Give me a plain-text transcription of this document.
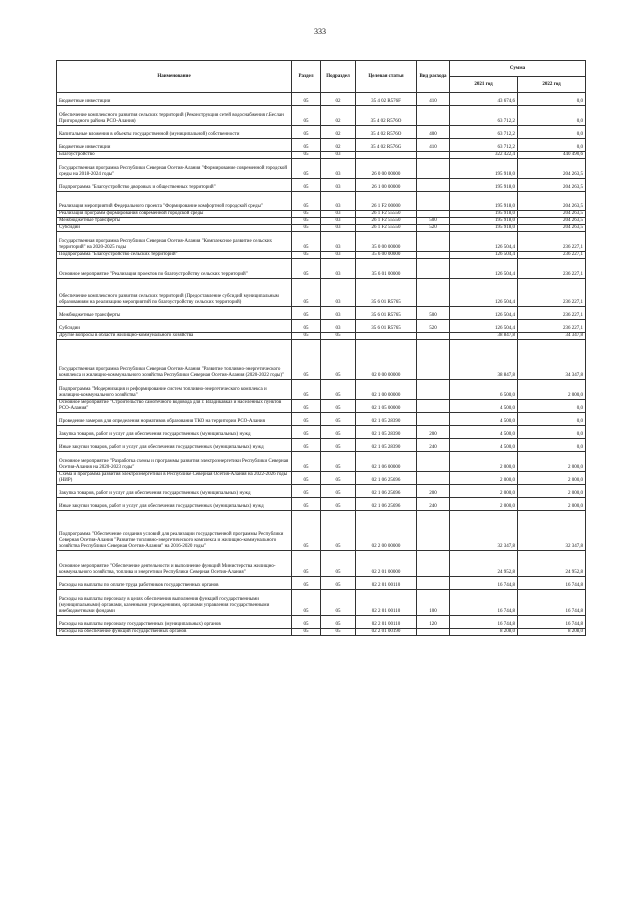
333
Наименование	Раздел	Подраздел	Целевая статья	Вид расхода	Сумма	
					2021 год	2022 год
Бюджетные инвестиции	05	02	35 4 02 R576F	410	43 674,6	0,0
Обеспечение комплексного развития сельских территорий (Реконструкция сетей водоснабжения г.Беслан Пригородного района РСО-Алания)	05	02	35 4 02 R576O		63 712,2	0,0
Капитальные вложения в объекты государственной (муниципальной) собственности	05	02	35 4 02 R576O	400	63 712,2	0,0
Бюджетные инвестиции	05	02	35 4 02 R576G	410	63 712,2	0,0
Благоустройство	05	03			322 422,4	440 490,6
Государственная программа Республики Северная Осетия-Алания "Формирование современной городской среды на 2018-2024 годы"	05	03	26 0 00 00000		195 918,0	204 263,5
Подпрограмма "Благоустройство дворовых и общественных территорий"	05	03	26 1 00 00000		195 918,0	204 263,5
Реализация мероприятий Федерального проекта "Формирование комфортной городской среды"	05	03	26 1 F2 00000		195 918,0	204 263,5
Реализация программ формирования современной городской среды	05	03	26 1 F2 55550		195 918,0	204 263,5
Межбюджетные трансферты	05	03	26 1 F2 55550	500	195 918,0	204 263,5
Субсидии	05	03	26 1 F2 55550	520	195 918,0	204 263,5
Государственная программа Республики Северная Осетия-Алания "Комплексное развитие сельских территорий" на 2020-2025 годы	05	03	35 0 00 00000		126 504,4	236 227,1
Подпрограмма "Благоустройство сельских территорий"	05	03	35 6 00 00000		126 504,4	236 227,1
Основное мероприятие "Реализация проектов по благоустройству сельских территорий"	05	03	35 6 01 00000		126 504,4	236 227,1
Обеспечение комплексного развития сельских территорий (Предоставление субсидий муниципальным образованиям на реализацию мероприятий по благоустройству сельских территорий)	05	03	35 6 01 R5765		126 504,4	236 227,1
Межбюджетные трансферты	05	03	35 6 01 R5765	500	126 504,4	236 227,1
Субсидии	05	03	35 6 01 R5765	520	126 504,4	236 227,1
Другие вопросы в области жилищно-коммунального хозяйства	05	05			38 847,8	34 347,8
Государственная программа Республики Северная Осетия-Алания "Развитие топливно-энергетического комплекса и жилищно-коммунального хозяйства Республики Северная Осетия-Алания (2020-2022 годы)"	05	05	02 0 00 00000		38 847,8	34 347,8
Подпрограмма "Модернизация и реформирование систем топливно-энергетического комплекса и жилищно-коммунального хозяйства"	05	05	02 1 00 00000		6 500,0	2 000,0
Основное мероприятие "Строительство самотечного водовода для г. Владикавказ и населенных пунктов РСО-Алания"	05	05	02 1 05 00000		4 500,0	0,0
Проведение замеров для определения нормативов образования ТКО на территории РСО-Алания	05	05	02 1 05 28390		4 500,0	0,0
Закупка товаров, работ и услуг для обеспечения государственных (муниципальных) нужд	05	05	02 1 05 28390	200	4 500,0	0,0
Иные закупки товаров, работ и услуг для обеспечения государственных (муниципальных) нужд	05	05	02 1 05 28390	240	4 500,0	0,0
Основное мероприятие "Разработка схемы и программы развития электроэнергетики Республики Северная Осетия-Алания на 2020-2023 годы"	05	05	02 1 06 00000		2 000,0	2 000,0
Схема и программа развития электроэнергетики в Республике Северная Осетия-Алания на 2022-2026 годы (НИР)	05	05	02 1 06 25696		2 000,0	2 000,0
Закупка товаров, работ и услуг для обеспечения государственных (муниципальных) нужд	05	05	02 1 06 25696	200	2 000,0	2 000,0
Иные закупки товаров, работ и услуг для обеспечения государственных (муниципальных) нужд	05	05	02 1 06 25696	240	2 000,0	2 000,0
Подпрограмма "Обеспечение создания условий для реализации государственной программы Республики Северная Осетия-Алания "Развитие топливно-энергетического комплекса и жилищно-коммунального хозяйства Республики Северная Осетия-Алания" на 2016-2020 годы"	05	05	02 2 00 00000		32 347,8	32 347,8
Основное мероприятие "Обеспечение деятельности и выполнение функций Министерства жилищно-коммунального хозяйства, топлива и энергетики Республики Северная Осетия-Алания"	05	05	02 2 01 00000		24 952,8	24 952,8
Расходы на выплаты по оплате труда работников государственных органов	05	05	02 2 01 00110		16 744,8	16 744,8
Расходы на выплаты персоналу в целях обеспечения выполнения функций государственными (муниципальными) органами, казенными учреждениями, органами управления государственными внебюджетными фондами	05	05	02 2 01 00110	100	16 744,8	16 744,8
Расходы на выплаты персоналу государственных (муниципальных) органов	05	05	02 2 01 00110	120	16 744,8	16 744,8
Расходы на обеспечение функций государственных органов	05	05	02 2 01 00190		8 208,0	8 208,0
